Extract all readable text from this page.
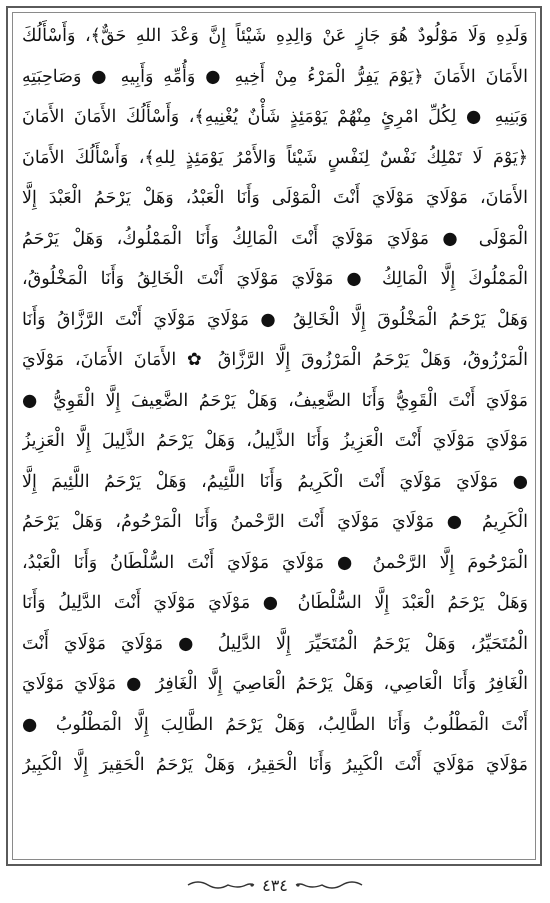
وَلَدِهِ وَلَا مَوْلُودٌ هُوَ جَازٍ عَنْ وَالِدِهِ شَيْئاً إِنَّ وَعْدَ اللهِ حَقٌّ﴾، وَأَسْأَلُكَ
الأَمَانَ الأَمَانَ ﴿يَوْمَ يَفِرُّ الْمَرْءُ مِنْ أَخِيهِ ● وَأُمِّهِ وَأَبِيهِ ● وَصَاحِبَتِهِ
وَبَنِيهِ ● لِكُلِّ امْرِئٍ مِنْهُمْ يَوْمَئِذٍ شَأْنٌ يُغْنِيهِ﴾، وَأَسْأَلُكَ الأَمَانَ الأَمَانَ
﴿يَوْمَ لَا تَمْلِكُ نَفْسٌ لِنَفْسٍ شَيْئاً وَالأَمْرُ يَوْمَئِذٍ لِلهِ﴾، وَأَسْأَلُكَ الأَمَانَ
الأَمَانَ، مَوْلَايَ مَوْلَايَ أَنْتَ الْمَوْلَى وَأَنَا الْعَبْدُ، وَهَلْ يَرْحَمُ الْعَبْدَ إِلَّا
الْمَوْلَى ● مَوْلَايَ مَوْلَايَ أَنْتَ الْمَالِكُ وَأَنَا الْمَمْلُوكُ، وَهَلْ يَرْحَمُ
الْمَمْلُوكَ إِلَّا الْمَالِكُ ● مَوْلَايَ مَوْلَايَ أَنْتَ الْخَالِقُ وَأَنَا الْمَخْلُوقُ،
وَهَلْ يَرْحَمُ الْمَخْلُوقَ إِلَّا الْخَالِقُ ● مَوْلَايَ مَوْلَايَ أَنْتَ الرَّزَّاقُ وَأَنَا
الْمَرْزُوقُ، وَهَلْ يَرْحَمُ الْمَرْزُوقَ إِلَّا الرَّزَّاقُ ✿ الأَمَانَ الأَمَانَ، مَوْلَايَ
مَوْلَايَ أَنْتَ الْقَوِيُّ وَأَنَا الضَّعِيفُ، وَهَلْ يَرْحَمُ الضَّعِيفَ إِلَّا الْقَوِيُّ ●
مَوْلَايَ مَوْلَايَ أَنْتَ الْعَزِيزُ وَأَنَا الذَّلِيلُ، وَهَلْ يَرْحَمُ الذَّلِيلَ إِلَّا الْعَزِيزُ
● مَوْلَايَ مَوْلَايَ أَنْتَ الْكَرِيمُ وَأَنَا اللَّئِيمُ، وَهَلْ يَرْحَمُ اللَّئِيمَ إِلَّا
الْكَرِيمُ ● مَوْلَايَ مَوْلَايَ أَنْتَ الرَّحْمنُ وَأَنَا الْمَرْحُومُ، وَهَلْ يَرْحَمُ
الْمَرْحُومَ إِلَّا الرَّحْمنُ ● مَوْلَايَ مَوْلَايَ أَنْتَ السُّلْطَانُ وَأَنَا الْعَبْدُ،
وَهَلْ يَرْحَمُ الْعَبْدَ إِلَّا السُّلْطَانُ ● مَوْلَايَ مَوْلَايَ أَنْتَ الدَّلِيلُ وَأَنَا
الْمُتَحَيِّرُ، وَهَلْ يَرْحَمُ الْمُتَحَيِّرَ إِلَّا الدَّلِيلُ ● مَوْلَايَ مَوْلَايَ أَنْتَ
الْغَافِرُ وَأَنَا الْعَاصِي، وَهَلْ يَرْحَمُ الْعَاصِيَ إِلَّا الْغَافِرُ ● مَوْلَايَ مَوْلَايَ
أَنْتَ الْمَطْلُوبُ وَأَنَا الطَّالِبُ، وَهَلْ يَرْحَمُ الطَّالِبَ إِلَّا الْمَطْلُوبُ ●
مَوْلَايَ مَوْلَايَ أَنْتَ الْكَبِيرُ وَأَنَا الْحَقِيرُ، وَهَلْ يَرْحَمُ الْحَقِيرَ إِلَّا الْكَبِيرُ
٤٣٤
